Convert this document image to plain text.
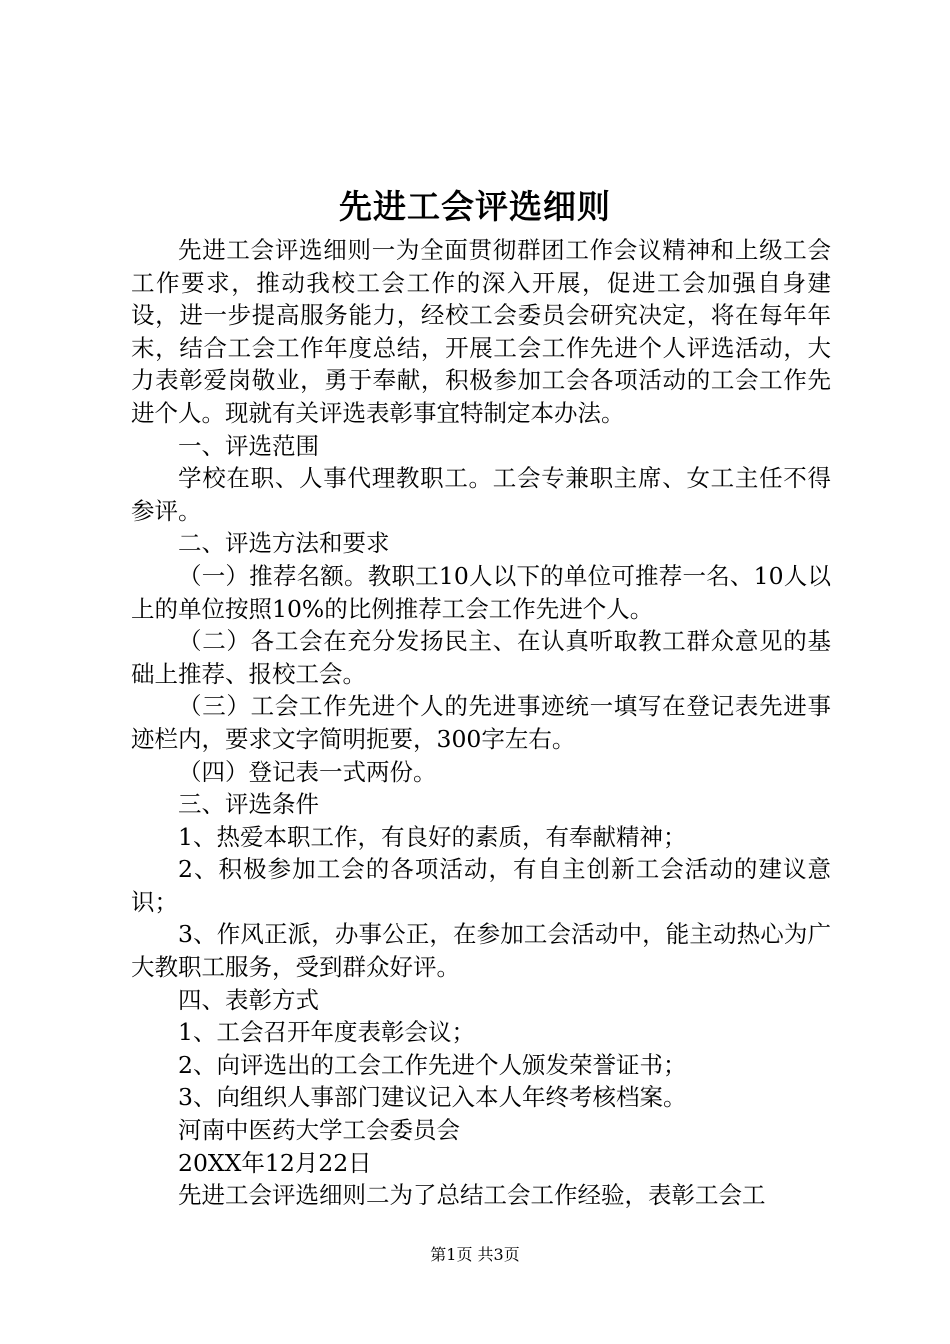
先进工会评选细则

先进工会评选细则一为全面贯彻群团工作会议精神和上级工会工作要求，推动我校工会工作的深入开展，促进工会加强自身建设，进一步提高服务能力，经校工会委员会研究决定，将在每年年末，结合工会工作年度总结，开展工会工作先进个人评选活动，大力表彰爱岗敬业，勇于奉献，积极参加工会各项活动的工会工作先进个人。现就有关评选表彰事宜特制定本办法。

一、评选范围

学校在职、人事代理教职工。工会专兼职主席、女工主任不得参评。

二、评选方法和要求

（一）推荐名额。教职工10人以下的单位可推荐一名、10人以上的单位按照10%的比例推荐工会工作先进个人。

（二）各工会在充分发扬民主、在认真听取教工群众意见的基础上推荐、报校工会。

（三）工会工作先进个人的先进事迹统一填写在登记表先进事迹栏内，要求文字简明扼要，300字左右。

（四）登记表一式两份。

三、评选条件

1、热爱本职工作，有良好的素质，有奉献精神；

2、积极参加工会的各项活动，有自主创新工会活动的建议意识；

3、作风正派，办事公正，在参加工会活动中，能主动热心为广大教职工服务，受到群众好评。

四、表彰方式

1、工会召开年度表彰会议；

2、向评选出的工会工作先进个人颁发荣誉证书；

3、向组织人事部门建议记入本人年终考核档案。

河南中医药大学工会委员会

20XX年12月22日

先进工会评选细则二为了总结工会工作经验，表彰工会工

第1页 共3页
